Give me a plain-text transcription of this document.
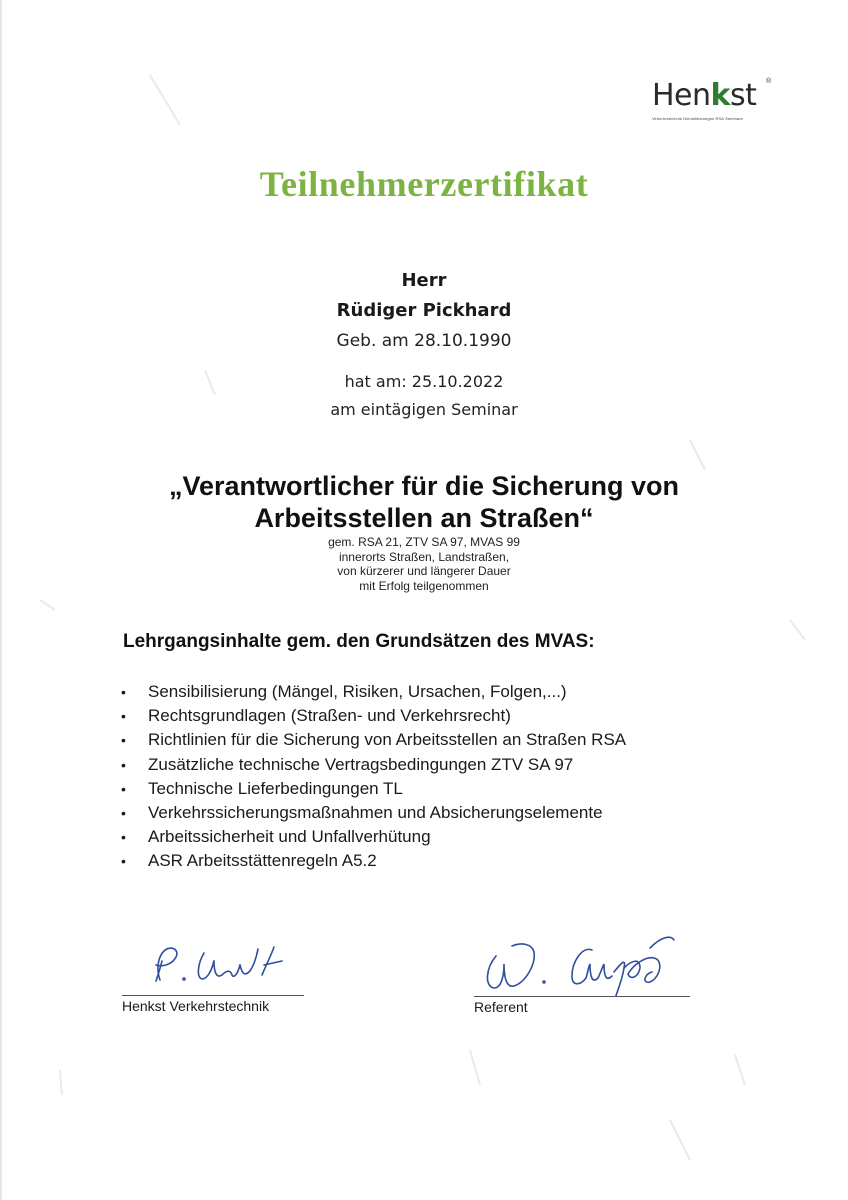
Henkst ®
Verkehrstechnik Dienstleistungen RSA Seminare
Teilnehmerzertifikat
Herr
Rüdiger Pickhard
Geb. am 28.10.1990
hat am: 25.10.2022
am eintägigen Seminar
„Verantwortlicher für die Sicherung von
Arbeitsstellen an Straßen“
gem. RSA 21, ZTV SA 97, MVAS 99
innerorts Straßen, Landstraßen,
von kürzerer und längerer Dauer
mit Erfolg teilgenommen
Lehrgangsinhalte gem. den Grundsätzen des MVAS:
• Sensibilisierung (Mängel, Risiken, Ursachen, Folgen,...)
• Rechtsgrundlagen (Straßen- und Verkehrsrecht)
• Richtlinien für die Sicherung von Arbeitsstellen an Straßen RSA
• Zusätzliche technische Vertragsbedingungen ZTV SA 97
• Technische Lieferbedingungen TL
• Verkehrssicherungsmaßnahmen und Absicherungselemente
• Arbeitssicherheit und Unfallverhütung
• ASR Arbeitsstättenregeln A5.2
Henkst Verkehrstechnik	Referent
